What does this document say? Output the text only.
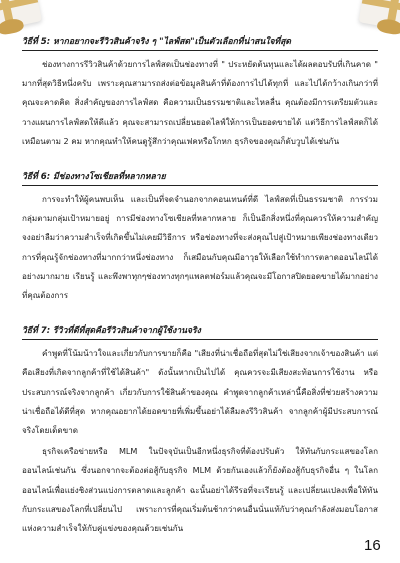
วิธีที่ 5: หากอยากจะรีวิวสินค้าจริง ๆ "ไลฟ์สด"เป็นตัวเลือกที่น่าสนใจที่สุด

ช่องทางการรีวิวสินค้าด้วยการไลฟ์สดเป็นช่องทางที่ " ประหยัดต้นทุนและได้ผลตอบรับที่เกินคาด " มากที่สุดวิธีหนึ่งครับ เพราะคุณสามารถส่งต่อข้อมูลสินค้าที่ต้องการไปได้ทุกที่ และไปได้กว้างเกินกว่าที่คุณจะคาดคิด สิ่งสำคัญของการไลฟ์สด คือความเป็นธรรมชาติและไหลลื่น คุณต้องมีการเตรียมตัวและวางแผนการไลฟ์สดให้ดีแล้ว คุณจะสามารถเปลี่ยนยอดไลฟ์ให้การเป็นยอดขายได้ แต่วิธีการไลฟ์สดก็ได้เหมือนตาม 2 คม หากคุณทำให้คนดูรู้สึกว่าคุณเฟคหรือโกหก ธุรกิจของคุณก็ดับวูบได้เช่นกัน

วิธีที่ 6: มีช่องทางโซเชียลที่หลากหลาย

การจะทำให้ผู้คนพบเห็น และเป็นที่จดจำนอกจากคอนเทนต์ที่ดี ไลฟ์สดที่เป็นธรรมชาติ การร่วมกลุ่มตามกลุ่มเป้าหมายอยู่ การมีช่องทางโซเชียลที่หลากหลาย ก็เป็นอีกสิ่งหนึ่งที่คุณควรให้ความสำคัญ จงอย่าลืมว่าความสำเร็จที่เกิดขึ้นไม่เคยมีวิธีการ หรือช่องทางที่จะส่งคุณไปสู่เป้าหมายเพียงช่องทางเดียว การที่คุณรู้จักช่องทางที่มากกว่าหนึ่งช่องทาง ก็เสมือนกับคุณมีอาวุธให้เลือกใช้ทำการตลาดออนไลน์ได้อย่างมากมาย เรียนรู้ และพึงพาทุกๆช่องทางทุกๆแพลตฟอร์มแล้วคุณจะมีโอกาสปิดยอดขายได้มากอย่างที่คุณต้องการ

วิธีที่ 7: รีวิวที่ดีที่สุดคือรีวิวสินค้าจากผู้ใช้งานจริง

คำพูดที่โน้มน้าวใจและเกี่ยวกับการขายก็คือ "เสียงที่น่าเชื่อถือที่สุดไม่ใช่เสียงจากเจ้าของสินค้า แต่คือเสียงที่เกิดจากลูกค้าที่ใช้ได้สินค้า" ดังนั้นหากเป็นไปได้ คุณควรจะมีเสียงสะท้อนการใช้งาน หรือประสบการณ์จริงจากลูกค้า เกี่ยวกับการใช้สินค้าของคุณ คำพูดจากลูกค้าเหล่านี้คือสิ่งที่ช่วยสร้างความน่าเชื่อถือได้ดีที่สุด หากคุณอยากได้ยอดขายที่เพิ่มขึ้นอย่าได้ลืมลงรีวิวสินค้า จากลูกค้าผู้มีประสบการณ์จริงโดยเด็ดขาด

ธุรกิจเครือข่ายหรือ MLM ในปัจจุบันเป็นอีกหนึ่งธุรกิจที่ต้องปรับตัว ให้ทันกับกระแสของโลกออนไลน์เช่นกัน ซึ่งนอกจากจะต้องต่อสู้กับธุรกิจ MLM ด้วยกันเองแล้วก็ยังต้องสู้กับธุรกิจอื่น ๆ ในโลกออนไลน์เพื่อแย่งชิงส่วนแบ่งการตลาดและลูกค้า ฉะนั้นอย่าได้รีรอที่จะเรียนรู้ และเปลี่ยนแปลงเพื่อให้ทันกับกระแสของโลกที่เปลี่ยนไป เพราะการที่คุณเริ่มต้นช้ากว่าคนอื่นนั่นแท้กับว่าคุณกำลังส่งมอบโอกาสแห่งความสำเร็จให้กับคู่แข่งของคุณด้วยเช่นกัน

16
